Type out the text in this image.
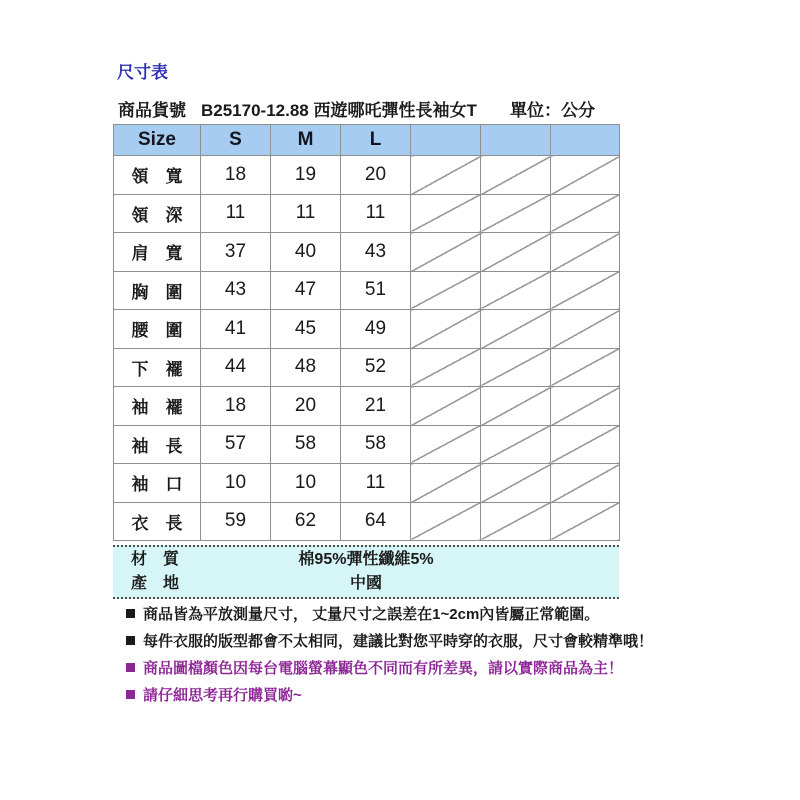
尺寸表
商品貨號 B25170-12.88 西遊哪吒彈性長袖女T 單位：公分
Size	S	M	L			
領　寬	18	19	20			
領　深	11	11	11			
肩　寬	37	40	43			
胸　圍	43	47	51			
腰　圍	41	45	49			
下　襬	44	48	52			
袖　襬	18	20	21			
袖　長	57	58	58			
袖　口	10	10	11			
衣　長	59	62	64			
材　質	棉95%彈性纖維5%
產　地	中國
商品皆為平放測量尺寸， 丈量尺寸之誤差在1~2cm內皆屬正常範圍。
每件衣服的版型都會不太相同，建議比對您平時穿的衣服，尺寸會較精準哦！
商品圖檔顏色因每台電腦螢幕顯色不同而有所差異，請以實際商品為主！
請仔細思考再行購買喲~
